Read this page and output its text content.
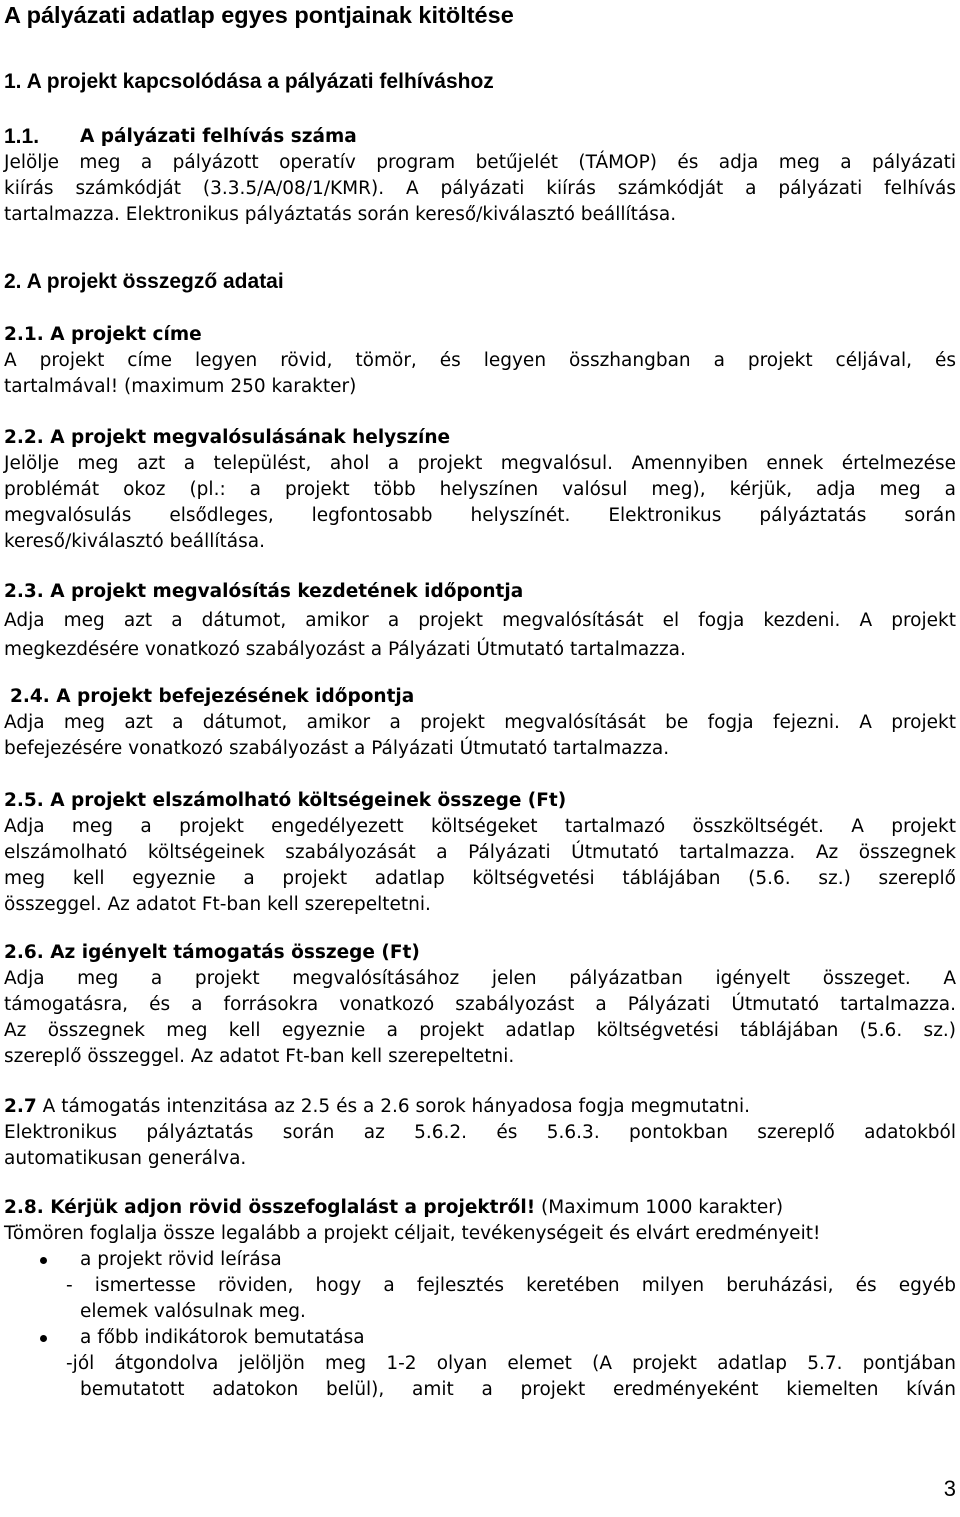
A pályázati adatlap egyes pontjainak kitöltése
1. A projekt kapcsolódása a pályázati felhíváshoz
1.1.	A pályázati felhívás száma
Jelölje meg a pályázott operatív program betűjelét (TÁMOP) és adja meg a pályázati
kiírás számkódját (3.3.5/A/08/1/KMR). A pályázati kiírás számkódját a pályázati felhívás
tartalmazza. Elektronikus pályáztatás során kereső/kiválasztó beállítása.
2. A projekt összegző adatai
2.1. A projekt címe
A projekt címe legyen rövid, tömör, és legyen összhangban a projekt céljával, és
tartalmával! (maximum 250 karakter)
2.2. A projekt megvalósulásának helyszíne
Jelölje meg azt a települést, ahol a projekt megvalósul. Amennyiben ennek értelmezése
problémát okoz (pl.: a projekt több helyszínen valósul meg), kérjük, adja meg a
megvalósulás elsődleges, legfontosabb helyszínét. Elektronikus pályáztatás során
kereső/kiválasztó beállítása.
2.3. A projekt megvalósítás kezdetének időpontja
Adja meg azt a dátumot, amikor a projekt megvalósítását el fogja kezdeni. A projekt
megkezdésére vonatkozó szabályozást a Pályázati Útmutató tartalmazza.
2.4. A projekt befejezésének időpontja
Adja meg azt a dátumot, amikor a projekt megvalósítását be fogja fejezni. A projekt
befejezésére vonatkozó szabályozást a Pályázati Útmutató tartalmazza.
2.5. A projekt elszámolható költségeinek összege (Ft)
Adja meg a projekt engedélyezett költségeket tartalmazó összköltségét. A projekt
elszámolható költségeinek szabályozását a Pályázati Útmutató tartalmazza. Az összegnek
meg kell egyeznie a projekt adatlap költségvetési táblájában (5.6. sz.) szereplő
összeggel. Az adatot Ft-ban kell szerepeltetni.
2.6. Az igényelt támogatás összege (Ft)
Adja meg a projekt megvalósításához jelen pályázatban igényelt összeget. A
támogatásra, és a forrásokra vonatkozó szabályozást a Pályázati Útmutató tartalmazza.
Az összegnek meg kell egyeznie a projekt adatlap költségvetési táblájában (5.6. sz.)
szereplő összeggel. Az adatot Ft-ban kell szerepeltetni.
2.7 A támogatás intenzitása az 2.5 és a 2.6 sorok hányadosa fogja megmutatni.
Elektronikus pályáztatás során az 5.6.2. és 5.6.3. pontokban szereplő adatokból
automatikusan generálva.
2.8. Kérjük adjon rövid összefoglalást a projektről! (Maximum 1000 karakter)
Tömören foglalja össze legalább a projekt céljait, tevékenységeit és elvárt eredményeit!
a projekt rövid leírása
- ismertesse röviden, hogy a fejlesztés keretében milyen beruházási, és egyéb
elemek valósulnak meg.
a főbb indikátorok bemutatása
-jól átgondolva jelöljön meg 1-2 olyan elemet (A projekt adatlap 5.7. pontjában
bemutatott adatokon belül), amit a projekt eredményeként kiemelten kíván
3
